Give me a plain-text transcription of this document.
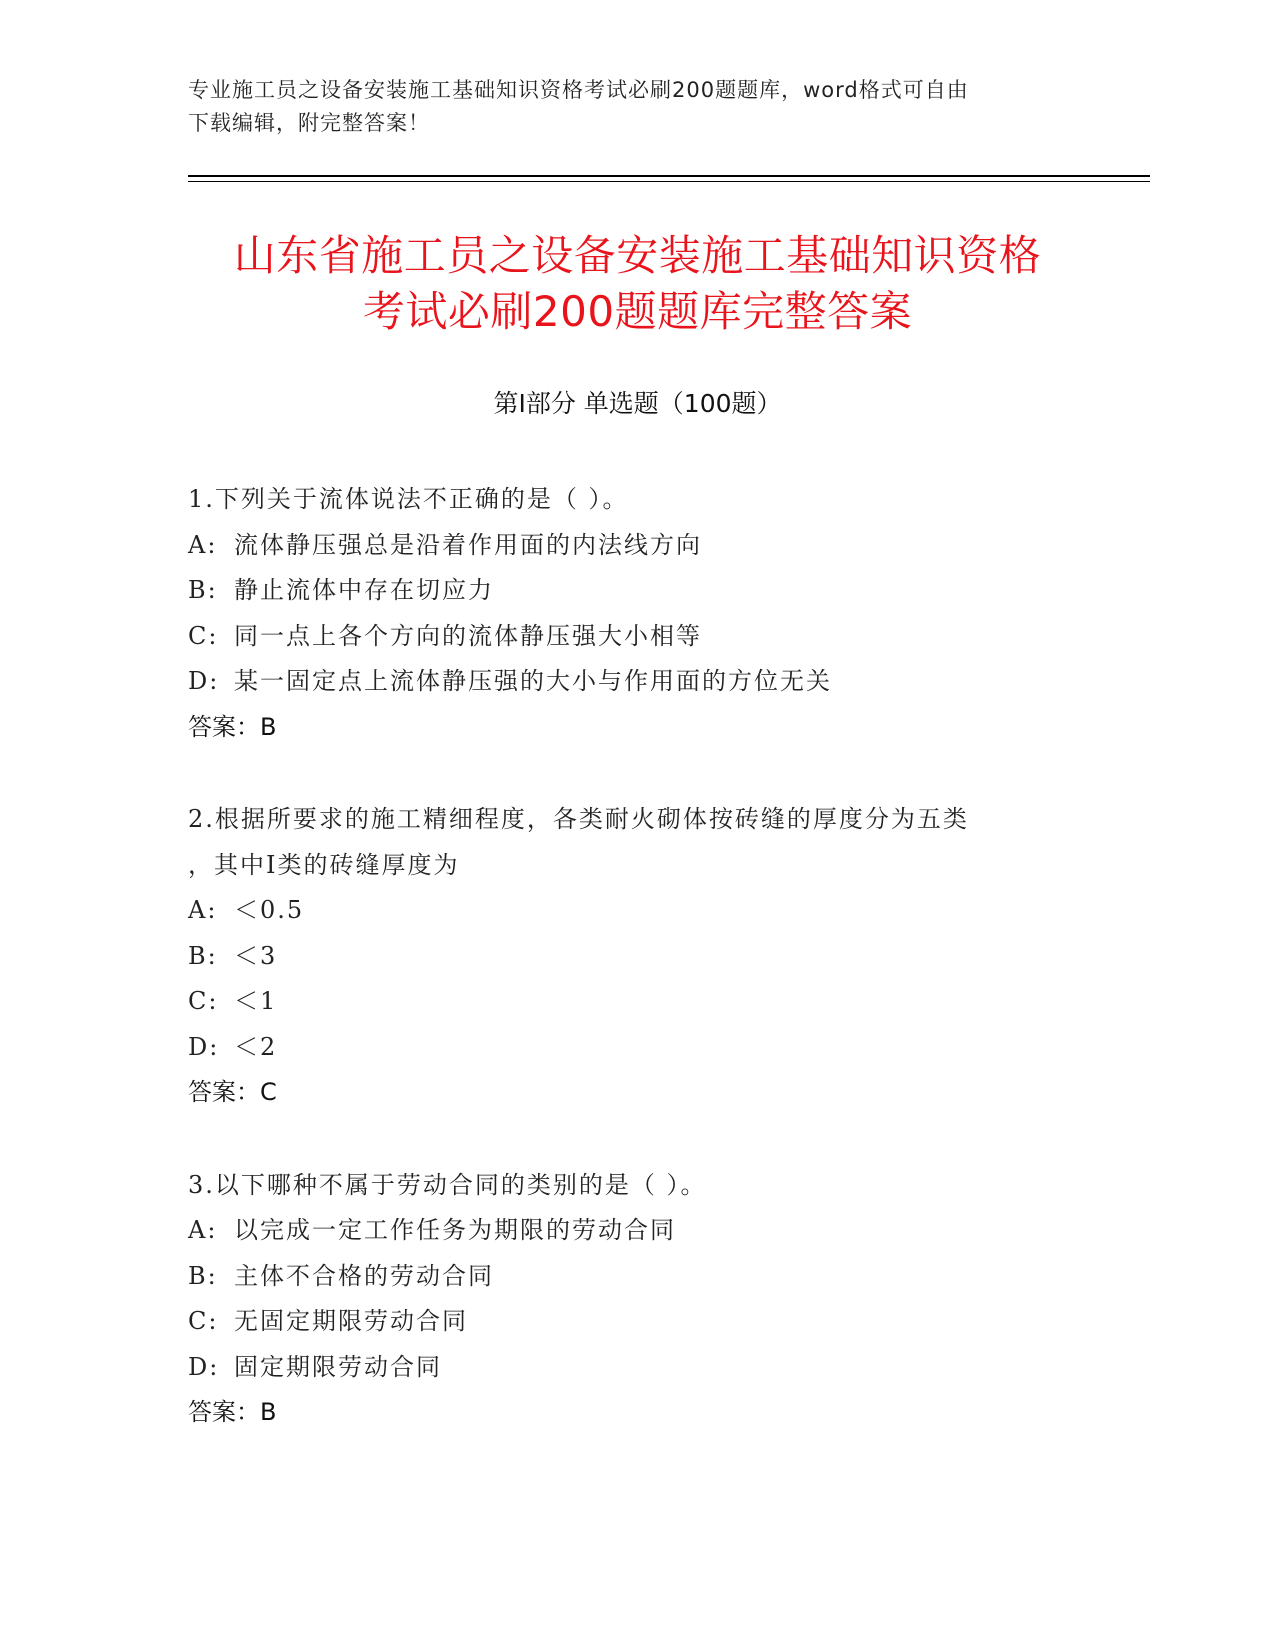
专业施工员之设备安装施工基础知识资格考试必刷200题题库，word格式可自由
下载编辑，附完整答案！
山东省施工员之设备安装施工基础知识资格
考试必刷200题题库完整答案
第Ⅰ部分 单选题（100题）
1.下列关于流体说法不正确的是（ ）。
A: 流体静压强总是沿着作用面的内法线方向
B: 静止流体中存在切应力
C: 同一点上各个方向的流体静压强大小相等
D: 某一固定点上流体静压强的大小与作用面的方位无关
答案：B
2.根据所要求的施工精细程度，各类耐火砌体按砖缝的厚度分为五类
，其中Ⅰ类的砖缝厚度为
A: ＜0.5
B: ＜3
C: ＜1
D: ＜2
答案：C
3.以下哪种不属于劳动合同的类别的是（ ）。
A: 以完成一定工作任务为期限的劳动合同
B: 主体不合格的劳动合同
C: 无固定期限劳动合同
D: 固定期限劳动合同
答案：B
